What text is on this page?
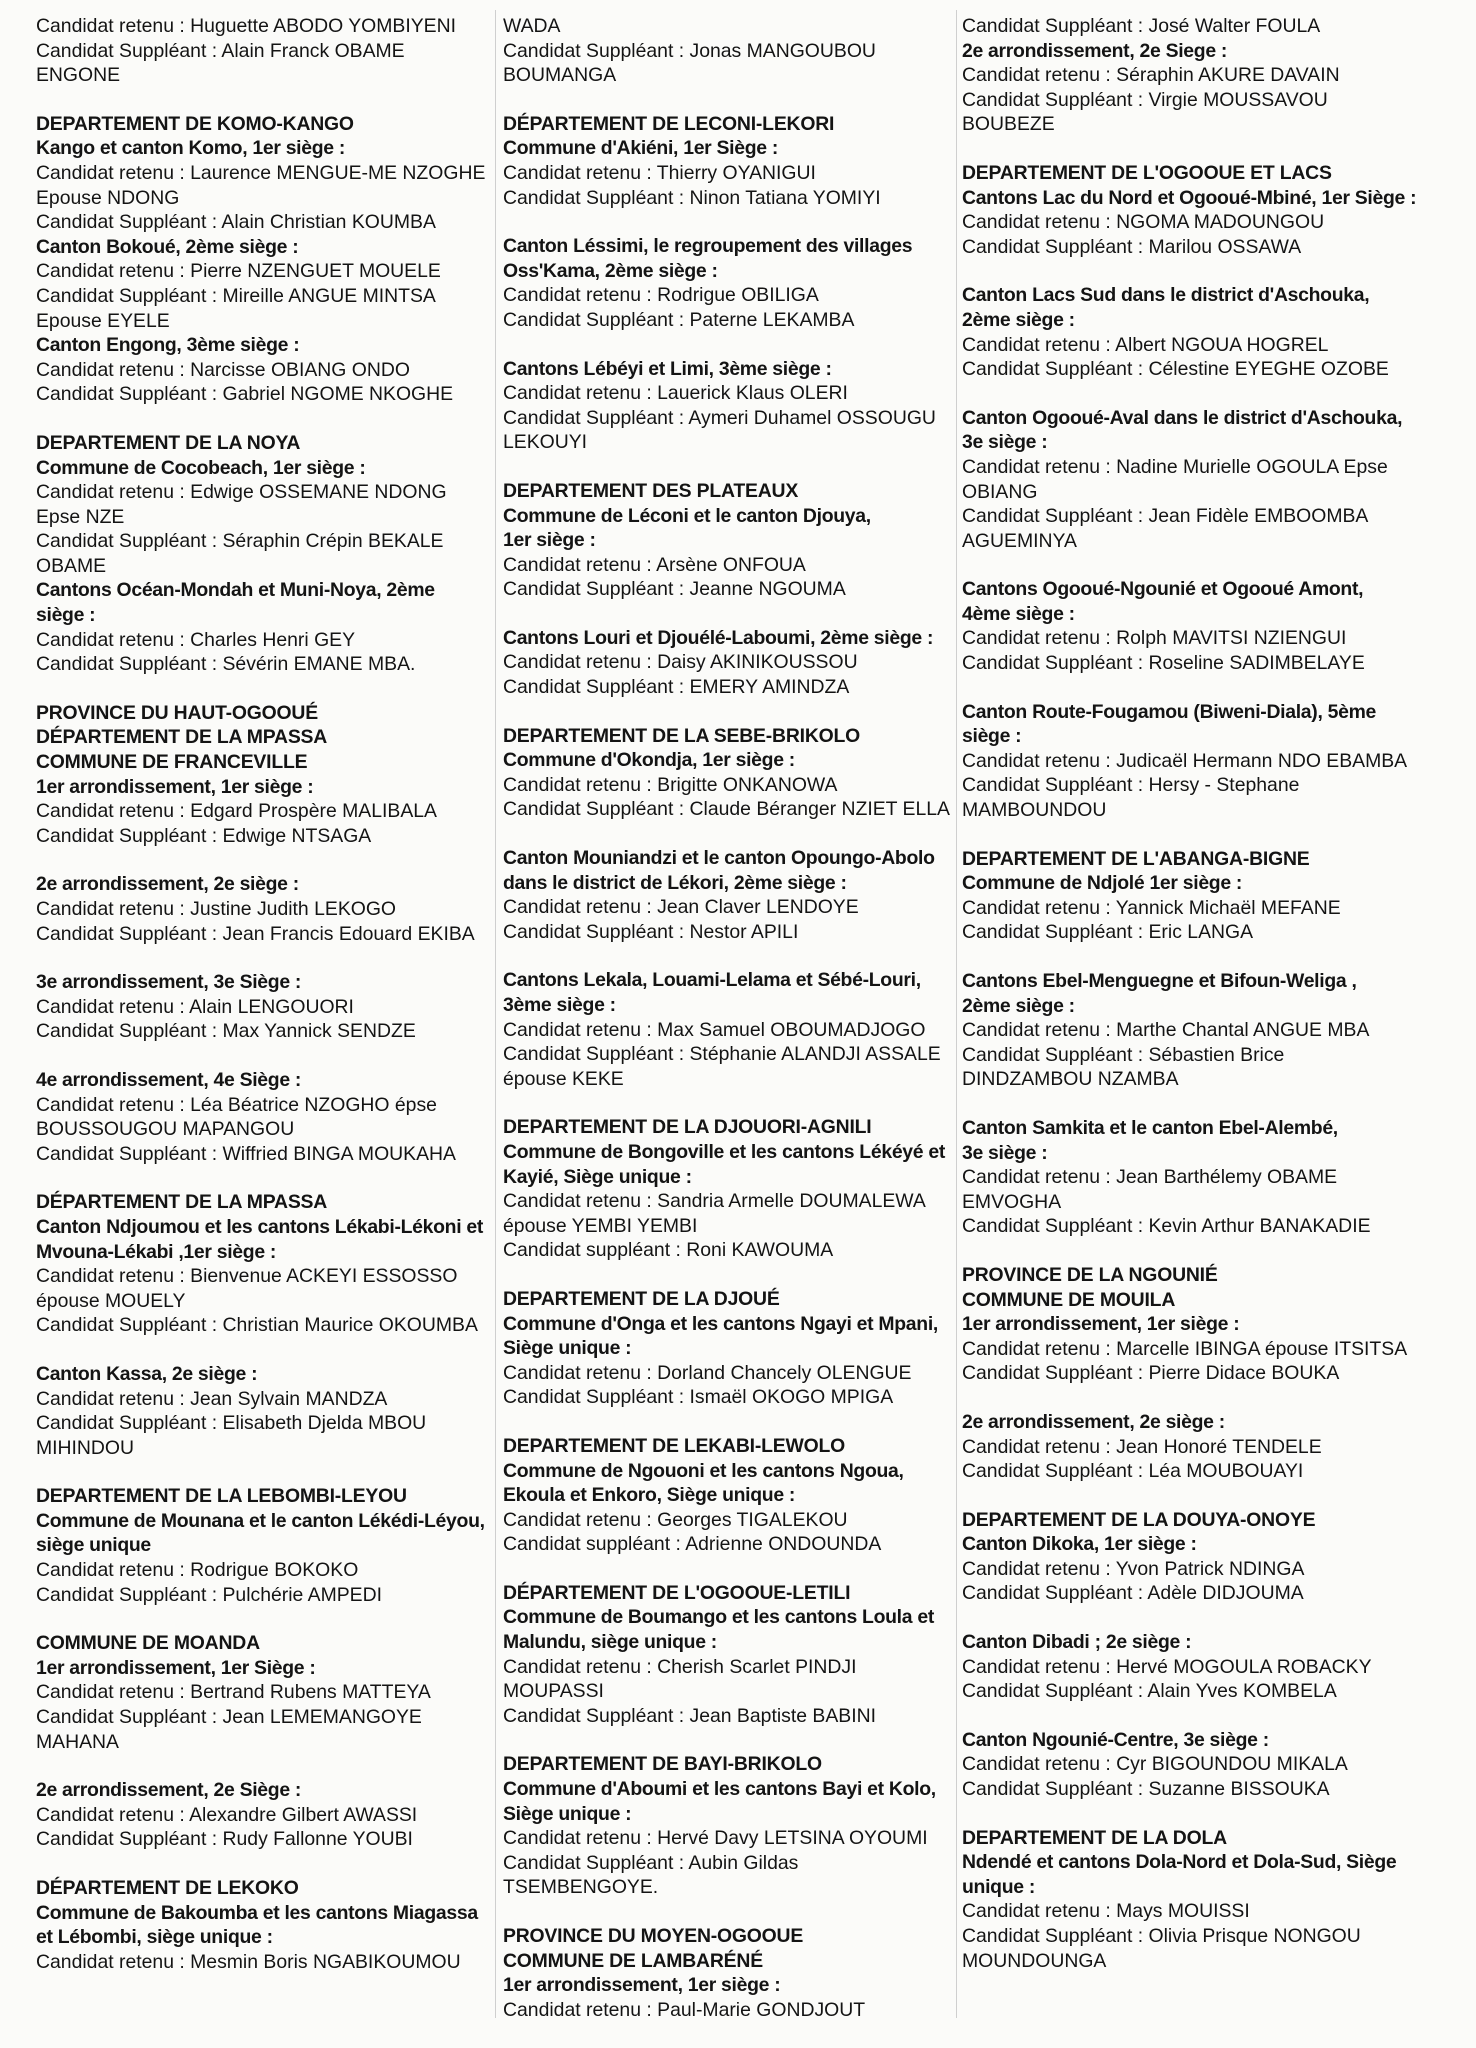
Candidat retenu : Huguette ABODO YOMBIYENI
Candidat Suppléant : Alain Franck OBAME
ENGONE
DEPARTEMENT DE KOMO-KANGO
Kango et canton Komo, 1er siège :
Candidat retenu : Laurence MENGUE-ME NZOGHE
Epouse NDONG
Candidat Suppléant : Alain Christian KOUMBA
Canton Bokoué, 2ème siège :
Candidat retenu : Pierre NZENGUET MOUELE
Candidat Suppléant : Mireille ANGUE MINTSA
Epouse EYELE
Canton Engong, 3ème siège :
Candidat retenu : Narcisse OBIANG ONDO
Candidat Suppléant : Gabriel NGOME NKOGHE
DEPARTEMENT DE LA NOYA
Commune de Cocobeach, 1er siège :
Candidat retenu : Edwige OSSEMANE NDONG
Epse NZE
Candidat Suppléant : Séraphin Crépin BEKALE
OBAME
Cantons Océan-Mondah et Muni-Noya, 2ème
siège :
Candidat retenu : Charles Henri GEY
Candidat Suppléant : Sévérin EMANE MBA.
PROVINCE DU HAUT-OGOOUÉ
DÉPARTEMENT DE LA MPASSA
COMMUNE DE FRANCEVILLE
1er arrondissement, 1er siège :
Candidat retenu : Edgard Prospère MALIBALA
Candidat Suppléant : Edwige NTSAGA
2e arrondissement, 2e siège :
Candidat retenu : Justine Judith LEKOGO
Candidat Suppléant : Jean Francis Edouard EKIBA
3e arrondissement, 3e Siège :
Candidat retenu : Alain LENGOUORI
Candidat Suppléant : Max Yannick SENDZE
4e arrondissement, 4e Siège :
Candidat retenu : Léa Béatrice NZOGHO épse
BOUSSOUGOU MAPANGOU
Candidat Suppléant : Wiffried BINGA MOUKAHA
DÉPARTEMENT DE LA MPASSA
Canton Ndjoumou et les cantons Lékabi-Lékoni et
Mvouna-Lékabi ,1er siège :
Candidat retenu : Bienvenue ACKEYI ESSOSSO
épouse MOUELY
Candidat Suppléant : Christian Maurice OKOUMBA
Canton Kassa, 2e siège :
Candidat retenu : Jean Sylvain MANDZA
Candidat Suppléant : Elisabeth Djelda MBOU
MIHINDOU
DEPARTEMENT DE LA LEBOMBI-LEYOU
Commune de Mounana et le canton Lékédi-Léyou,
siège unique
Candidat retenu : Rodrigue BOKOKO
Candidat Suppléant : Pulchérie AMPEDI
COMMUNE DE MOANDA
1er arrondissement, 1er Siège :
Candidat retenu : Bertrand Rubens MATTEYA
Candidat Suppléant : Jean LEMEMANGOYE
MAHANA
2e arrondissement, 2e Siège :
Candidat retenu : Alexandre Gilbert AWASSI
Candidat Suppléant : Rudy Fallonne YOUBI
DÉPARTEMENT DE LEKOKO
Commune de Bakoumba et les cantons Miagassa
et Lébombi, siège unique :
Candidat retenu : Mesmin Boris NGABIKOUMOU
WADA
Candidat Suppléant : Jonas MANGOUBOU
BOUMANGA
DÉPARTEMENT DE LECONI-LEKORI
Commune d'Akiéni, 1er Siège :
Candidat retenu : Thierry OYANIGUI
Candidat Suppléant : Ninon Tatiana YOMIYI
Canton Léssimi, le regroupement des villages
Oss'Kama, 2ème siège :
Candidat retenu : Rodrigue OBILIGA
Candidat Suppléant : Paterne LEKAMBA
Cantons Lébéyi et Limi, 3ème siège :
Candidat retenu : Lauerick Klaus OLERI
Candidat Suppléant : Aymeri Duhamel OSSOUGU
LEKOUYI
DEPARTEMENT DES PLATEAUX
Commune de Léconi et le canton Djouya,
1er siège :
Candidat retenu : Arsène ONFOUA
Candidat Suppléant : Jeanne NGOUMA
Cantons Louri et Djouélé-Laboumi, 2ème siège :
Candidat retenu : Daisy AKINIKOUSSOU
Candidat Suppléant : EMERY AMINDZA
DEPARTEMENT DE LA SEBE-BRIKOLO
Commune d'Okondja, 1er siège :
Candidat retenu : Brigitte ONKANOWA
Candidat Suppléant : Claude Béranger NZIET ELLA
Canton Mouniandzi et le canton Opoungo-Abolo
dans le district de Lékori, 2ème siège :
Candidat retenu : Jean Claver LENDOYE
Candidat Suppléant : Nestor APILI
Cantons Lekala, Louami-Lelama et Sébé-Louri,
3ème siège :
Candidat retenu : Max Samuel OBOUMADJOGO
Candidat Suppléant : Stéphanie ALANDJI ASSALE
épouse KEKE
DEPARTEMENT DE LA DJOUORI-AGNILI
Commune de Bongoville et les cantons Lékéyé et
Kayié, Siège unique :
Candidat retenu : Sandria Armelle DOUMALEWA
épouse YEMBI YEMBI
Candidat suppléant : Roni KAWOUMA
DEPARTEMENT DE LA DJOUÉ
Commune d'Onga et les cantons Ngayi et Mpani,
Siège unique :
Candidat retenu : Dorland Chancely OLENGUE
Candidat Suppléant : Ismaël OKOGO MPIGA
DEPARTEMENT DE LEKABI-LEWOLO
Commune de Ngouoni et les cantons Ngoua,
Ekoula et Enkoro, Siège unique :
Candidat retenu : Georges TIGALEKOU
Candidat suppléant : Adrienne ONDOUNDA
DÉPARTEMENT DE L'OGOOUE-LETILI
Commune de Boumango et les cantons Loula et
Malundu, siège unique :
Candidat retenu : Cherish Scarlet PINDJI
MOUPASSI
Candidat Suppléant : Jean Baptiste BABINI
DEPARTEMENT DE BAYI-BRIKOLO
Commune d'Aboumi et les cantons Bayi et Kolo,
Siège unique :
Candidat retenu : Hervé Davy LETSINA OYOUMI
Candidat Suppléant : Aubin Gildas TSEMBENGOYE.
PROVINCE DU MOYEN-OGOOUE
COMMUNE DE LAMBARÉNÉ
1er arrondissement, 1er siège :
Candidat retenu : Paul-Marie GONDJOUT
Candidat Suppléant : José Walter FOULA
2e arrondissement, 2e Siege :
Candidat retenu : Séraphin AKURE DAVAIN
Candidat Suppléant : Virgie MOUSSAVOU
BOUBEZE
DEPARTEMENT DE L'OGOOUE ET LACS
Cantons Lac du Nord et Ogooué-Mbiné, 1er Siège :
Candidat retenu : NGOMA MADOUNGOU
Candidat Suppléant : Marilou OSSAWA
Canton Lacs Sud dans le district d'Aschouka,
2ème siège :
Candidat retenu : Albert NGOUA HOGREL
Candidat Suppléant : Célestine EYEGHE OZOBE
Canton Ogooué-Aval dans le district d'Aschouka,
3e siège :
Candidat retenu : Nadine Murielle OGOULA Epse
OBIANG
Candidat Suppléant : Jean Fidèle EMBOOMBA
AGUEMINYA
Cantons Ogooué-Ngounié et Ogooué Amont,
4ème siège :
Candidat retenu : Rolph MAVITSI NZIENGUI
Candidat Suppléant : Roseline SADIMBELAYE
Canton Route-Fougamou (Biweni-Diala), 5ème
siège :
Candidat retenu : Judicaël Hermann NDO EBAMBA
Candidat Suppléant : Hersy - Stephane
MAMBOUNDOU
DEPARTEMENT DE L'ABANGA-BIGNE
Commune de Ndjolé 1er siège :
Candidat retenu : Yannick Michaël MEFANE
Candidat Suppléant : Eric LANGA
Cantons Ebel-Menguegne et Bifoun-Weliga ,
2ème siège :
Candidat retenu : Marthe Chantal ANGUE MBA
Candidat Suppléant : Sébastien Brice
DINDZAMBOU NZAMBA
Canton Samkita et le canton Ebel-Alembé,
3e siège :
Candidat retenu : Jean Barthélemy OBAME
EMVOGHA
Candidat Suppléant : Kevin Arthur BANAKADIE
PROVINCE DE LA NGOUNIÉ
COMMUNE DE MOUILA
1er arrondissement, 1er siège :
Candidat retenu : Marcelle IBINGA épouse ITSITSA
Candidat Suppléant : Pierre Didace BOUKA
2e arrondissement, 2e siège :
Candidat retenu : Jean Honoré TENDELE
Candidat Suppléant : Léa MOUBOUAYI
DEPARTEMENT DE LA DOUYA-ONOYE
Canton Dikoka, 1er siège :
Candidat retenu : Yvon Patrick NDINGA
Candidat Suppléant : Adèle DIDJOUMA
Canton Dibadi ; 2e siège :
Candidat retenu : Hervé MOGOULA ROBACKY
Candidat Suppléant : Alain Yves KOMBELA
Canton Ngounié-Centre, 3e siège :
Candidat retenu : Cyr BIGOUNDOU MIKALA
Candidat Suppléant : Suzanne BISSOUKA
DEPARTEMENT DE LA DOLA
Ndendé et cantons Dola-Nord et Dola-Sud, Siège
unique :
Candidat retenu : Mays MOUISSI
Candidat Suppléant : Olivia Prisque NONGOU
MOUNDOUNGA
